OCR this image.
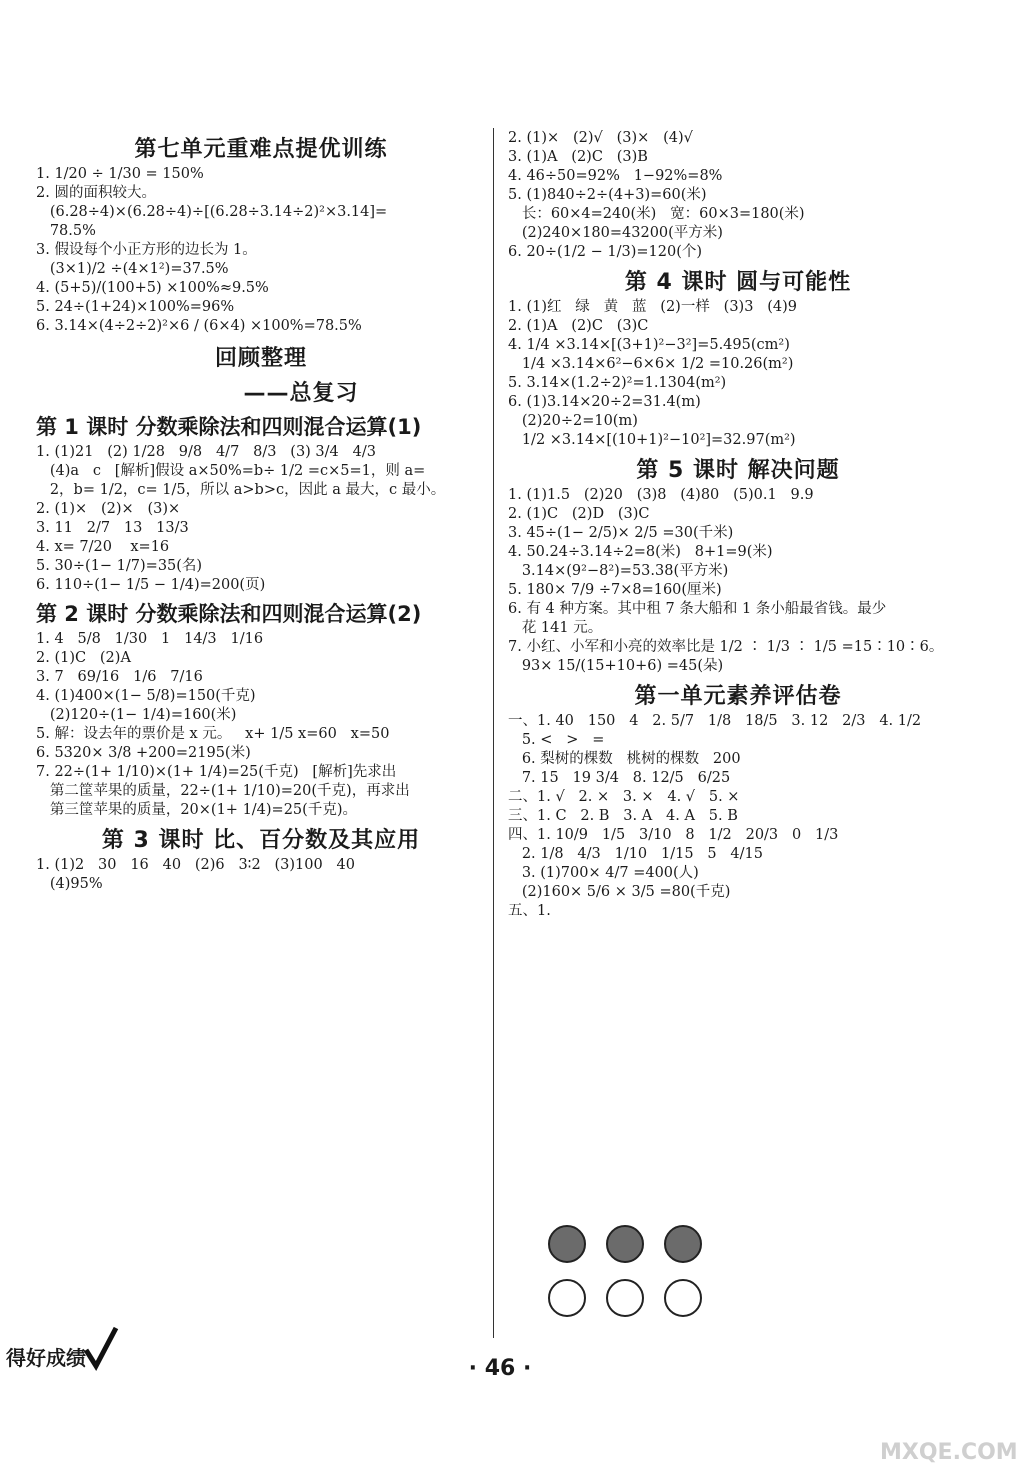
第七单元重难点提优训练
1. 1/20 ÷ 1/30 = 150%
2. 圆的面积较大。
(6.28÷4)×(6.28÷4)÷[(6.28÷3.14÷2)²×3.14]=
78.5%
3. 假设每个小正方形的边长为 1。
(3×1)/2 ÷(4×1²)=37.5%
4. (5+5)/(100+5) ×100%≈9.5%
5. 24÷(1+24)×100%=96%
6. 3.14×(4÷2÷2)²×6 / (6×4) ×100%=78.5%
回顾整理
——总复习
第 1 课时 分数乘除法和四则混合运算(1)
1. (1)21   (2) 1/28   9/8   4/7   8/3   (3) 3/4   4/3
(4)a   c   [解析]假设 a×50%=b÷ 1/2 =c×5=1，则 a=
2，b= 1/2，c= 1/5，所以 a>b>c，因此 a 最大，c 最小。
2. (1)×   (2)×   (3)×
3. 11   2/7   13   13/3
4. x= 7/20    x=16
5. 30÷(1− 1/7)=35(名)
6. 110÷(1− 1/5 − 1/4)=200(页)
第 2 课时 分数乘除法和四则混合运算(2)
1. 4   5/8   1/30   1   14/3   1/16
2. (1)C   (2)A
3. 7   69/16   1/6   7/16
4. (1)400×(1− 5/8)=150(千克)
(2)120÷(1− 1/4)=160(米)
5. 解：设去年的票价是 x 元。   x+ 1/5 x=60   x=50
6. 5320× 3/8 +200=2195(米)
7. 22÷(1+ 1/10)×(1+ 1/4)=25(千克)   [解析]先求出
第二筐苹果的质量，22÷(1+ 1/10)=20(千克)，再求出
第三筐苹果的质量，20×(1+ 1/4)=25(千克)。
第 3 课时 比、百分数及其应用
1. (1)2   30   16   40   (2)6   3∶2   (3)100   40
(4)95%
2. (1)×   (2)√   (3)×   (4)√
3. (1)A   (2)C   (3)B
4. 46÷50=92%   1−92%=8%
5. (1)840÷2÷(4+3)=60(米)
长：60×4=240(米)   宽：60×3=180(米)
(2)240×180=43200(平方米)
6. 20÷(1/2 − 1/3)=120(个)
第 4 课时 圆与可能性
1. (1)红   绿   黄   蓝   (2)一样   (3)3   (4)9
2. (1)A   (2)C   (3)C
4. 1/4 ×3.14×[(3+1)²−3²]=5.495(cm²)
1/4 ×3.14×6²−6×6× 1/2 =10.26(m²)
5. 3.14×(1.2÷2)²=1.1304(m²)
6. (1)3.14×20÷2=31.4(m)
(2)20÷2=10(m)
1/2 ×3.14×[(10+1)²−10²]=32.97(m²)
第 5 课时 解决问题
1. (1)1.5   (2)20   (3)8   (4)80   (5)0.1   9.9
2. (1)C   (2)D   (3)C
3. 45÷(1− 2/5)× 2/5 =30(千米)
4. 50.24÷3.14÷2=8(米)   8+1=9(米)
3.14×(9²−8²)=53.38(平方米)
5. 180× 7/9 ÷7×8=160(厘米)
6. 有 4 种方案。其中租 7 条大船和 1 条小船最省钱。最少
花 141 元。
7. 小红、小军和小亮的效率比是 1/2 ∶ 1/3 ∶ 1/5 =15∶10∶6。
93× 15/(15+10+6) =45(朵)
第一单元素养评估卷
一、1. 40   150   4   2. 5/7   1/8   18/5   3. 12   2/3   4. 1/2
5. <   >   =
6. 梨树的棵数   桃树的棵数   200
7. 15   19 3/4   8. 12/5   6/25
二、1. √   2. ×   3. ×   4. √   5. ×
三、1. C   2. B   3. A   4. A   5. B
四、1. 10/9   1/5   3/10   8   1/2   20/3   0   1/3
2. 1/8   4/3   1/10   1/15   5   4/15
3. (1)700× 4/7 =400(人)
(2)160× 5/6 × 3/5 =80(千克)
五、1.
得好成绩	· 46 ·
MXQE.COM
